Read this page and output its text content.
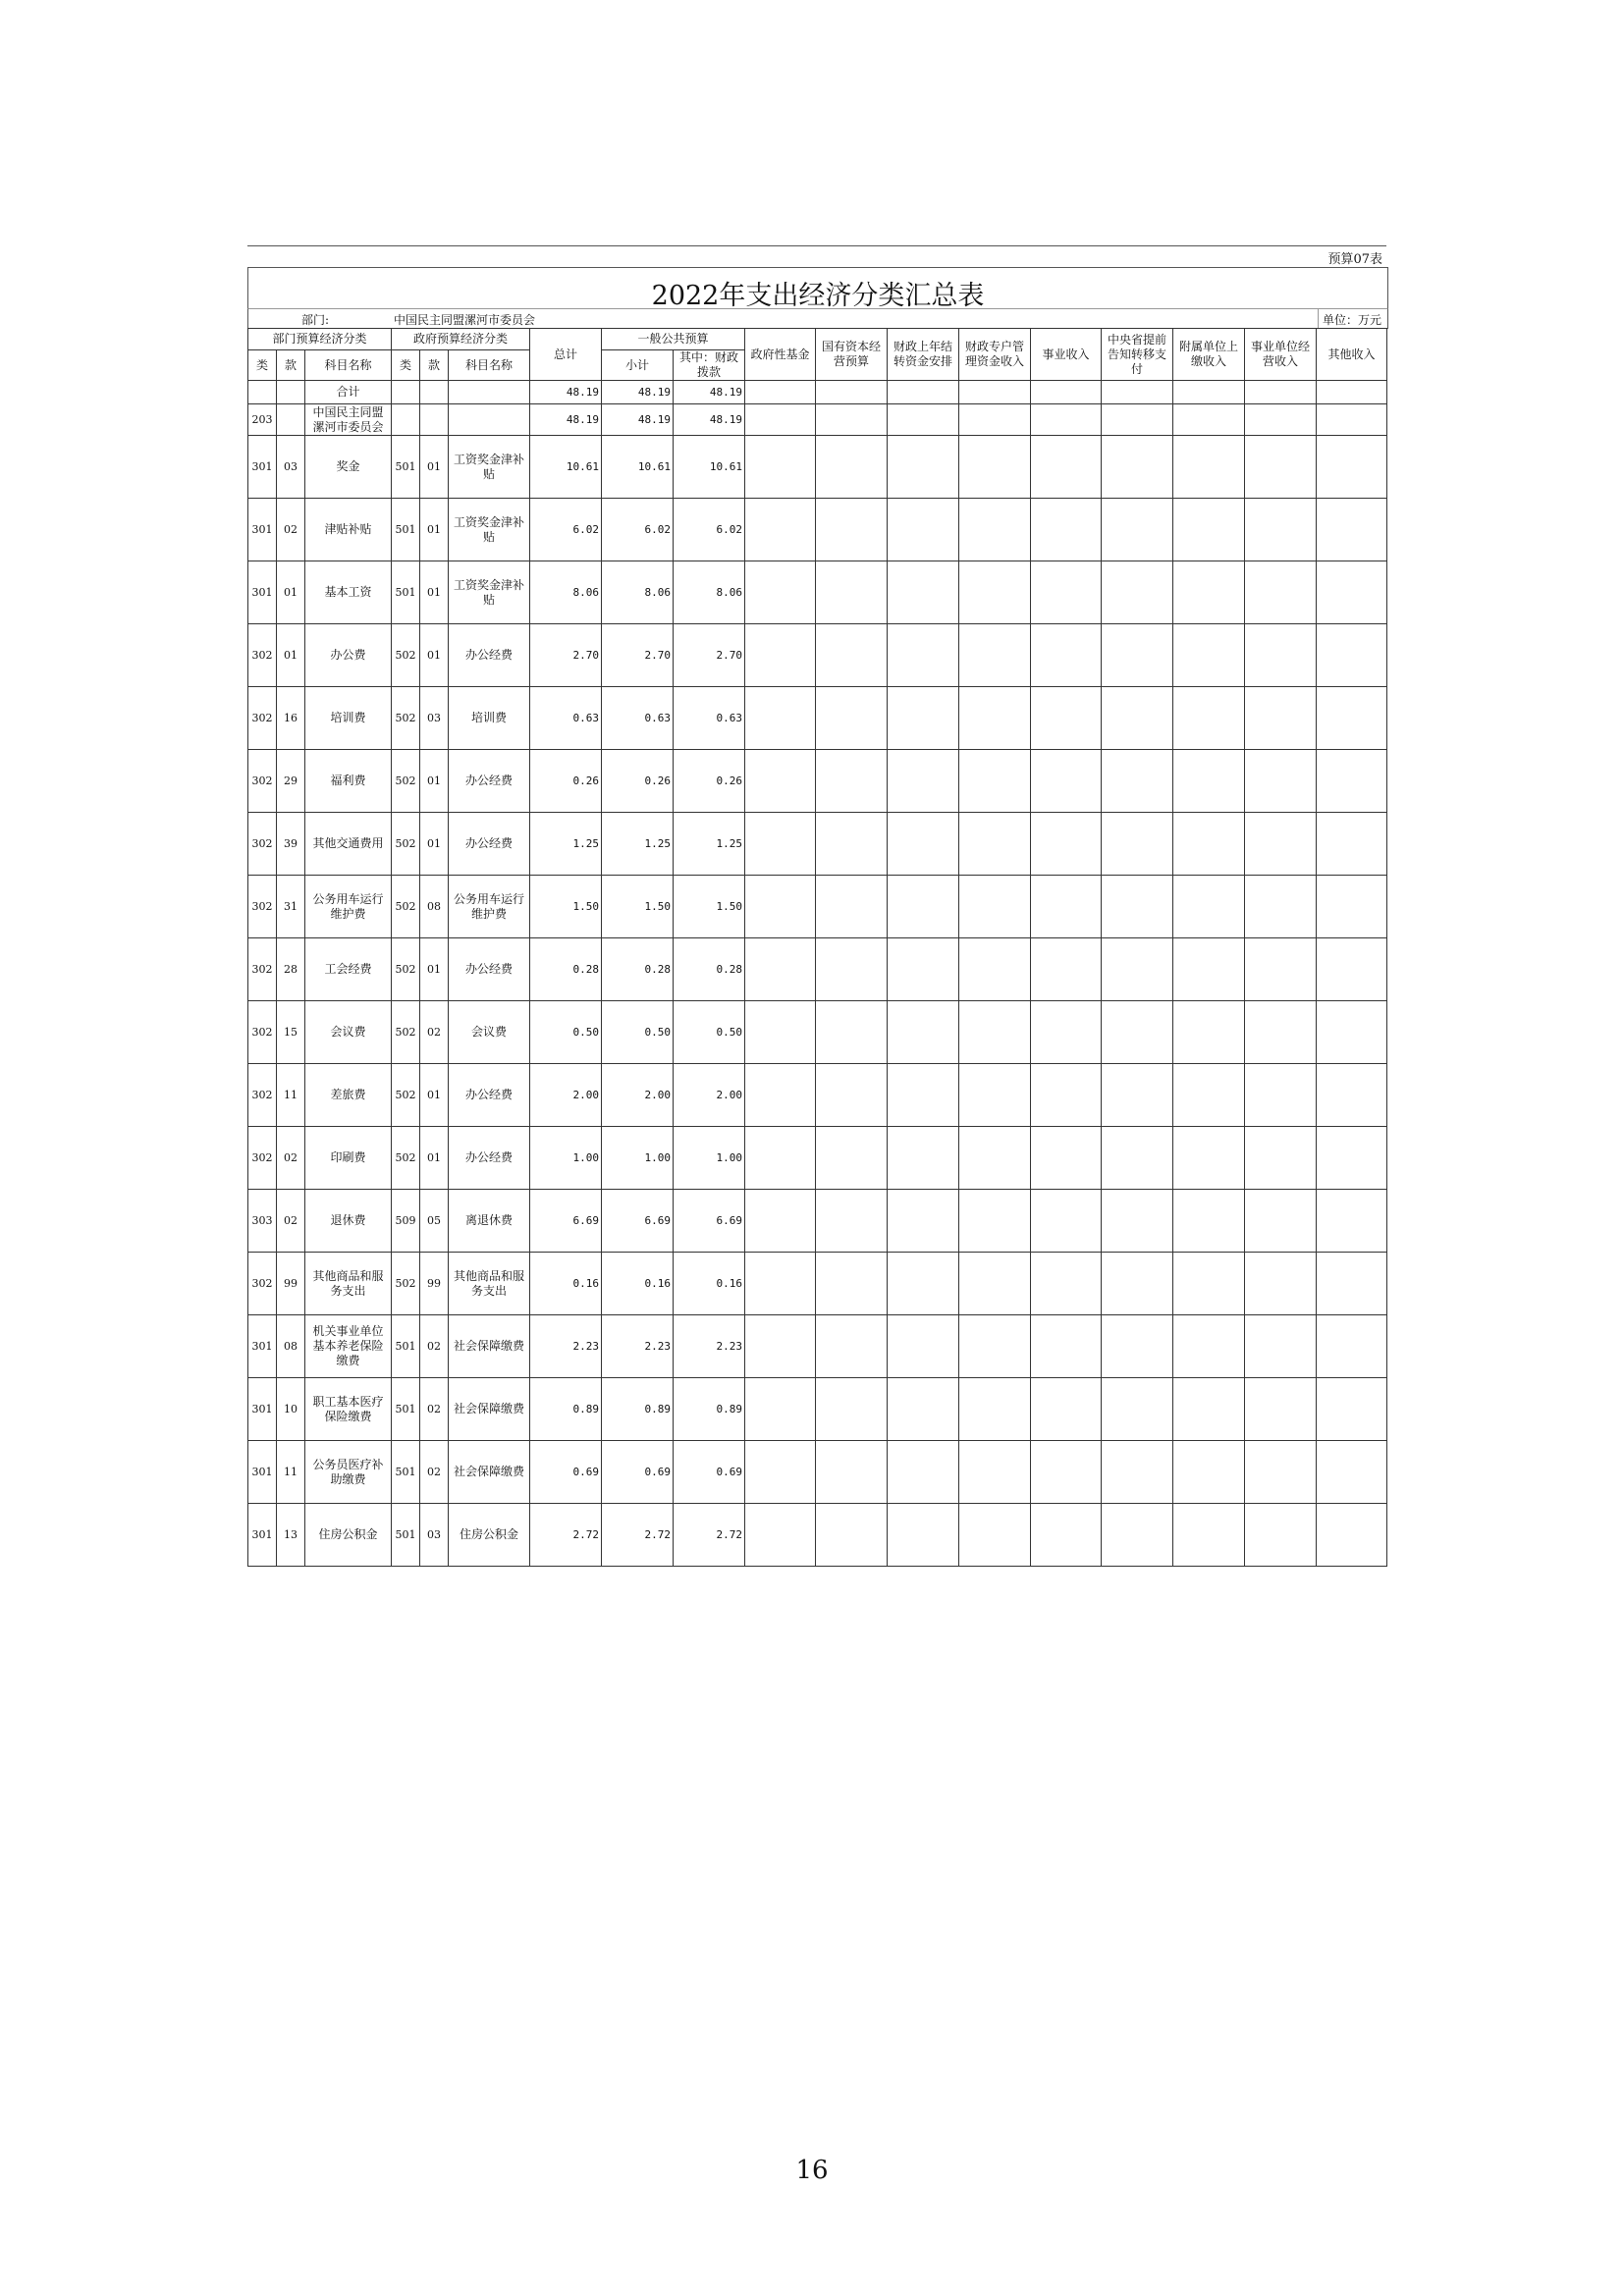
预算07表
2022年支出经济分类汇总表
部门:	中国民主同盟漯河市委员会	单位：万元
部门预算经济分类			政府预算经济分类			总计	一般公共预算		政府性基金	国有资本经营预算	财政上年结转资金安排	财政专户管理资金收入	事业收入	中央省提前告知转移支付	附属单位上缴收入	事业单位经营收入	其他收入
类	款	科目名称	类	款	科目名称		小计	其中：财政拨款									
		合计				48.19	48.19	48.19									
203		中国民主同盟漯河市委员会				48.19	48.19	48.19									
301	03	奖金	501	01	工资奖金津补贴	10.61	10.61	10.61									
301	02	津贴补贴	501	01	工资奖金津补贴	6.02	6.02	6.02									
301	01	基本工资	501	01	工资奖金津补贴	8.06	8.06	8.06									
302	01	办公费	502	01	办公经费	2.70	2.70	2.70									
302	16	培训费	502	03	培训费	0.63	0.63	0.63									
302	29	福利费	502	01	办公经费	0.26	0.26	0.26									
302	39	其他交通费用	502	01	办公经费	1.25	1.25	1.25									
302	31	公务用车运行维护费	502	08	公务用车运行维护费	1.50	1.50	1.50									
302	28	工会经费	502	01	办公经费	0.28	0.28	0.28									
302	15	会议费	502	02	会议费	0.50	0.50	0.50									
302	11	差旅费	502	01	办公经费	2.00	2.00	2.00									
302	02	印刷费	502	01	办公经费	1.00	1.00	1.00									
303	02	退休费	509	05	离退休费	6.69	6.69	6.69									
302	99	其他商品和服务支出	502	99	其他商品和服务支出	0.16	0.16	0.16									
301	08	机关事业单位基本养老保险缴费	501	02	社会保障缴费	2.23	2.23	2.23									
301	10	职工基本医疗保险缴费	501	02	社会保障缴费	0.89	0.89	0.89									
301	11	公务员医疗补助缴费	501	02	社会保障缴费	0.69	0.69	0.69									
301	13	住房公积金	501	03	住房公积金	2.72	2.72	2.72									
16
